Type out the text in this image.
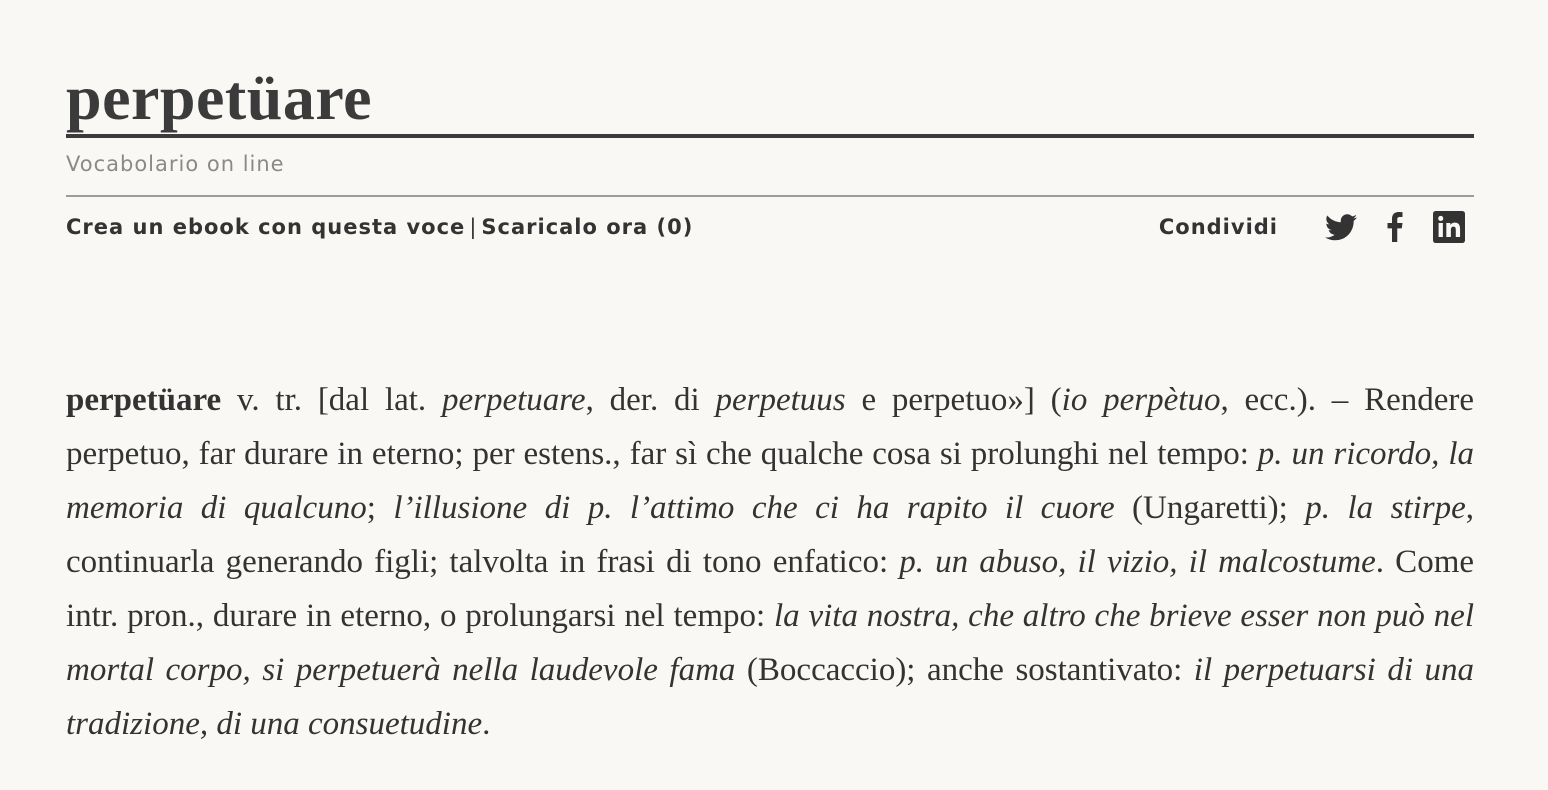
perpetüare
Vocabolario on line
Crea un ebook con questa voce | Scaricalo ora (0)	Condividi
perpetüare v. tr. [dal lat. perpetuare, der. di perpetuus e perpetuo»] (io perpètuo, ecc.). – Rendere perpetuo, far durare in eterno; per estens., far sì che qualche cosa si prolunghi nel tempo: p. un ricordo, la memoria di qualcuno; l’illusione di p. l’attimo che ci ha rapito il cuore (Ungaretti); p. la stirpe, continuarla generando figli; talvolta in frasi di tono enfatico: p. un abuso, il vizio, il malcostume. Come intr. pron., durare in eterno, o prolungarsi nel tempo: la vita nostra, che altro che brieve esser non può nel mortal corpo, si perpetuerà nella laudevole fama (Boccaccio); anche sostantivato: il perpetuarsi di una tradizione, di una consuetudine.
